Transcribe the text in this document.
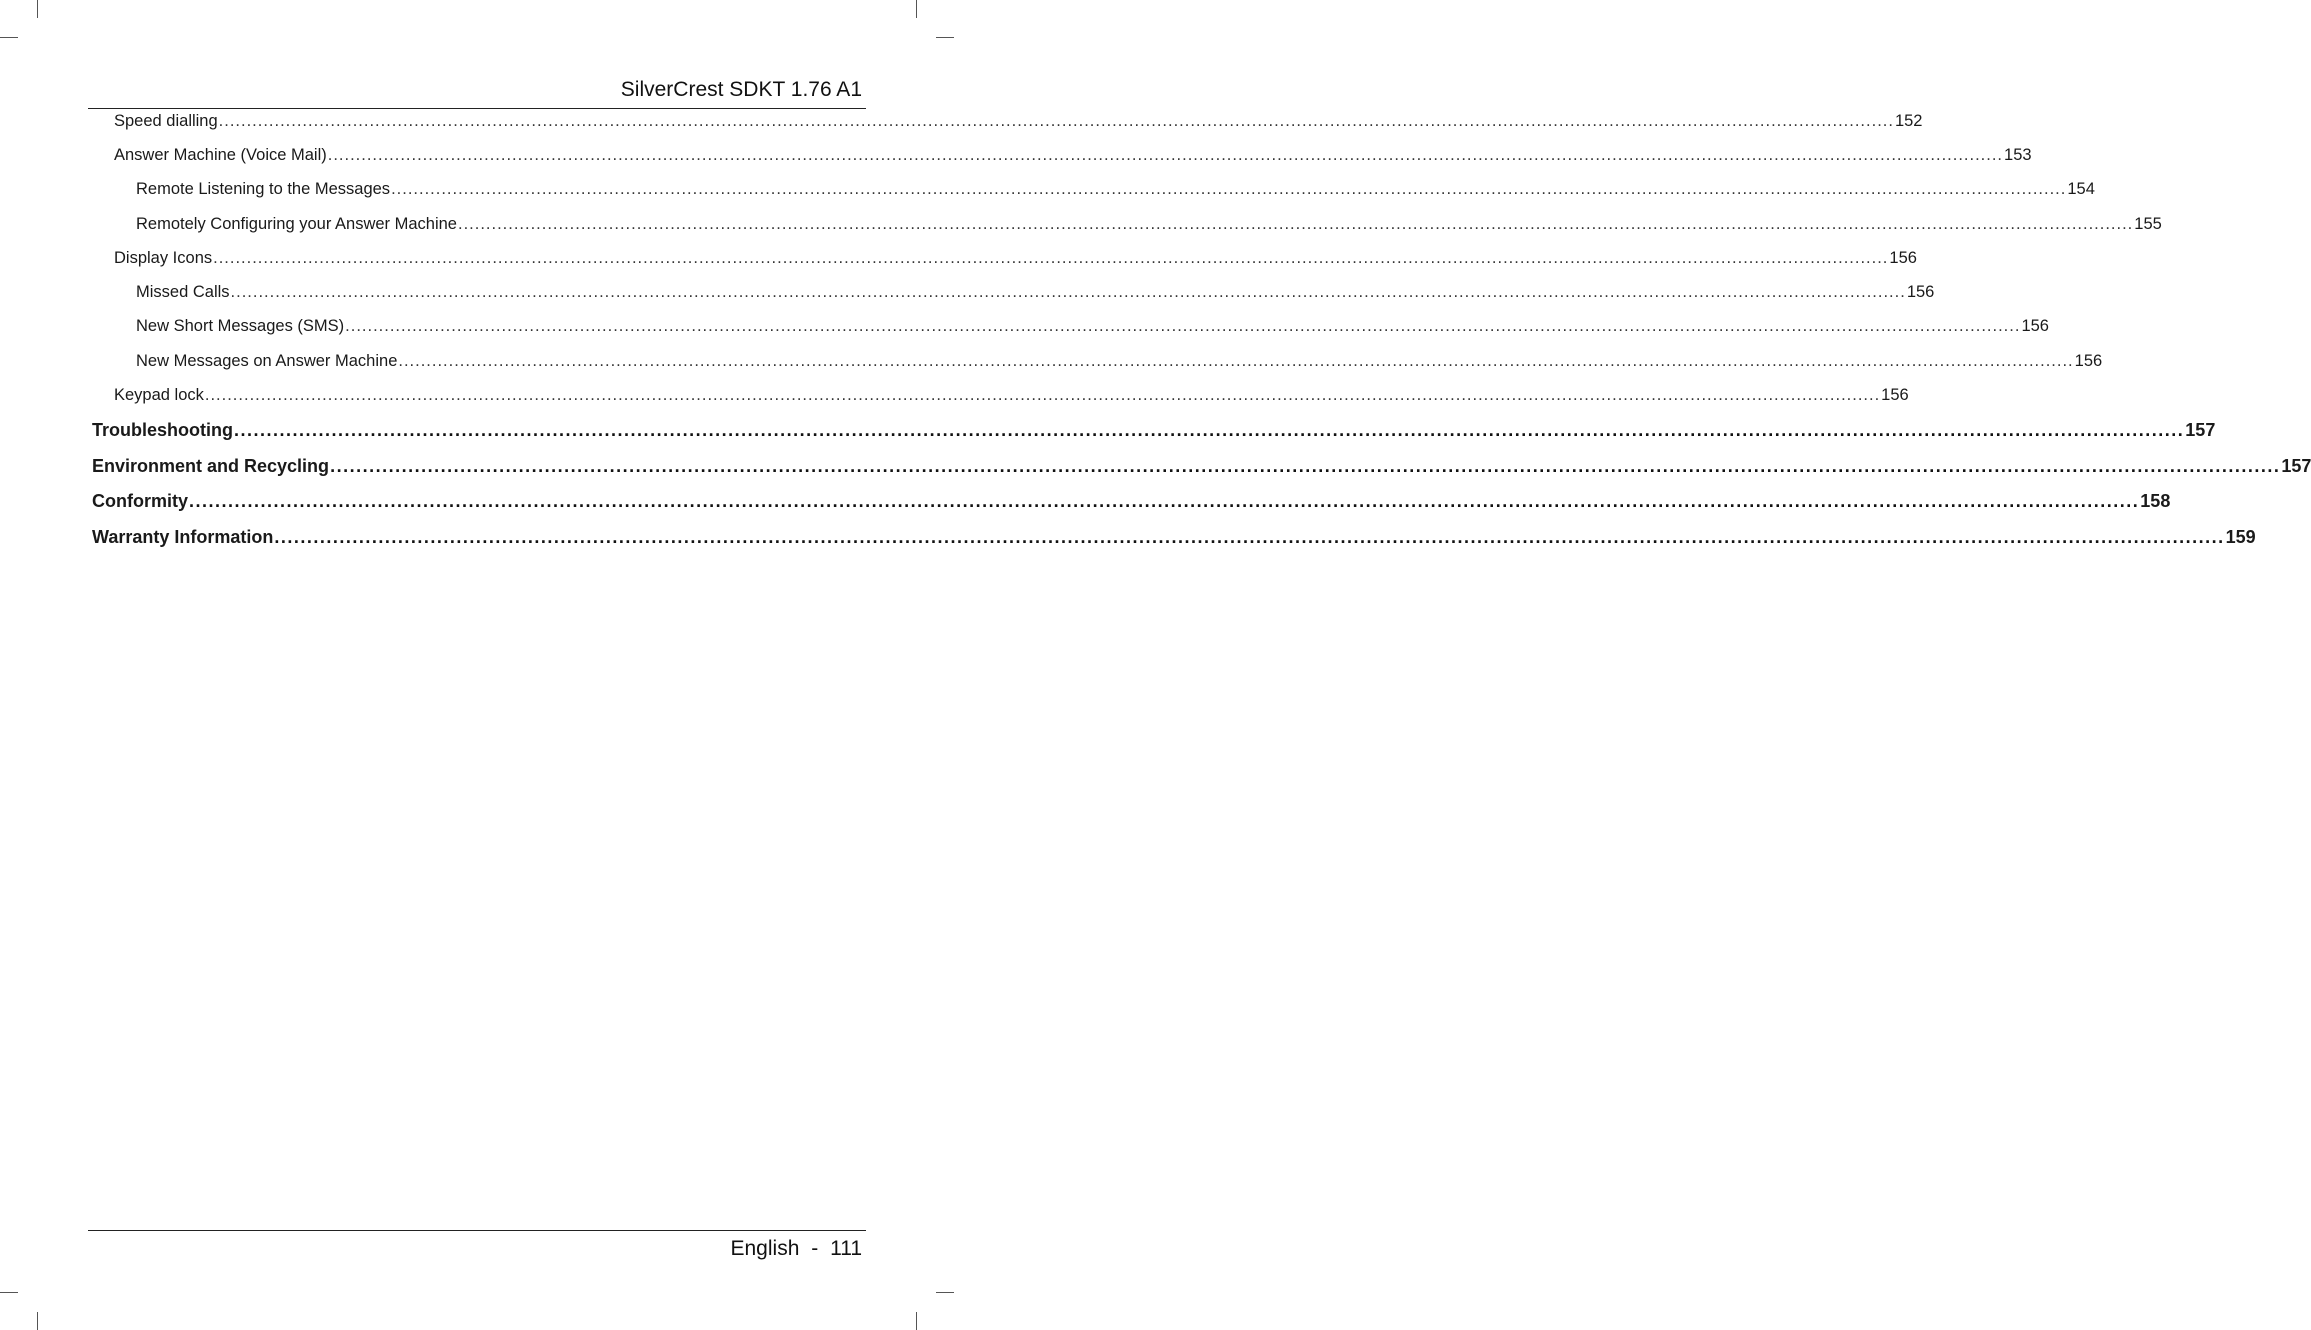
SilverCrest SDKT 1.76 A1
Speed dialling ............................................................................................................................................................................................................................................................................................................ 152
Answer Machine (Voice Mail) ............................................................................................................................................................................................................................................................................................................ 153
Remote Listening to the Messages ............................................................................................................................................................................................................................................................................................................ 154
Remotely Configuring your Answer Machine ............................................................................................................................................................................................................................................................................................................ 155
Display Icons ............................................................................................................................................................................................................................................................................................................ 156
Missed Calls ............................................................................................................................................................................................................................................................................................................ 156
New Short Messages (SMS) ............................................................................................................................................................................................................................................................................................................ 156
New Messages on Answer Machine ............................................................................................................................................................................................................................................................................................................ 156
Keypad lock ............................................................................................................................................................................................................................................................................................................ 156
Troubleshooting ............................................................................................................................................................................................................................................................................................................ 157
Environment and Recycling ............................................................................................................................................................................................................................................................................................................ 157
Conformity ............................................................................................................................................................................................................................................................................................................ 158
Warranty Information ............................................................................................................................................................................................................................................................................................................ 159
English - 111
